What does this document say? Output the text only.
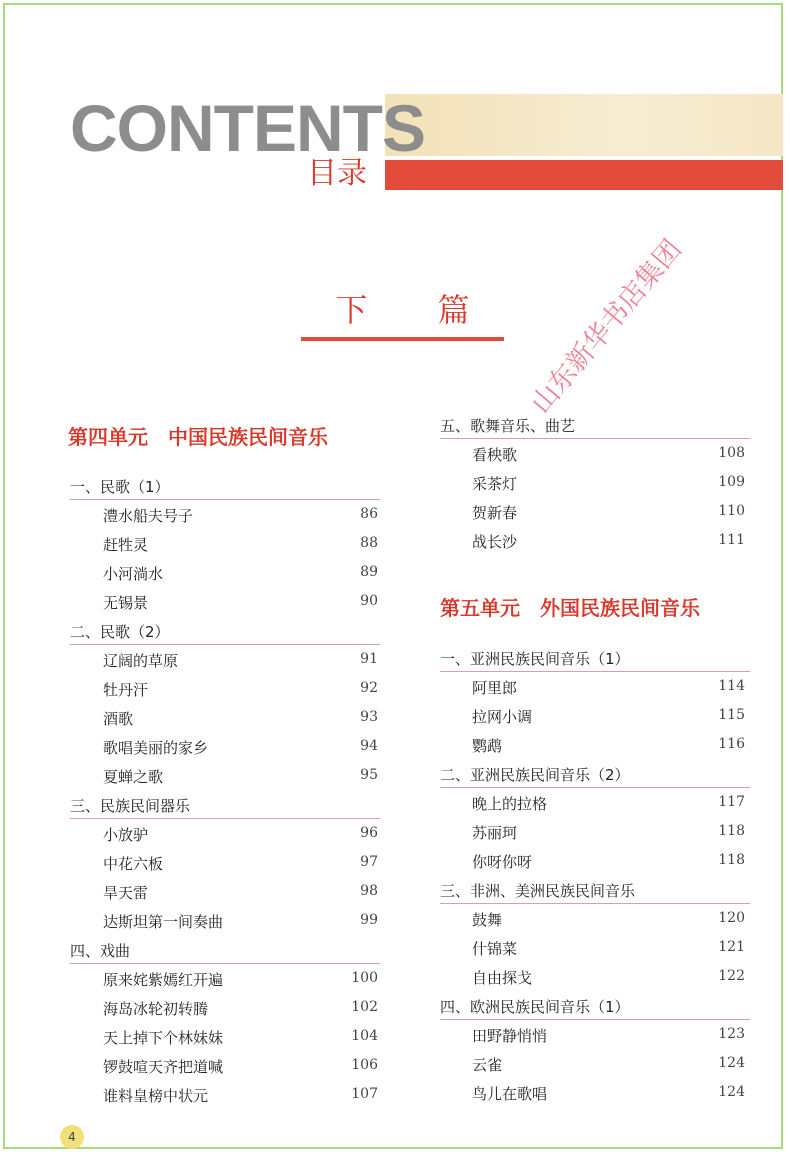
CONTENTS
目录
下 篇
第四单元　中国民族民间音乐
一、民歌（1）
澧水船夫号子	86
赶牲灵	88
小河淌水	89
无锡景	90
二、民歌（2）
辽阔的草原	91
牡丹汗	92
酒歌	93
歌唱美丽的家乡	94
夏蝉之歌	95
三、民族民间器乐
小放驴	96
中花六板	97
旱天雷	98
达斯坦第一间奏曲	99
四、戏曲
原来姹紫嫣红开遍	100
海岛冰轮初转腾	102
天上掉下个林妹妹	104
锣鼓喧天齐把道喊	106
谁料皇榜中状元	107
五、歌舞音乐、曲艺
看秧歌	108
采茶灯	109
贺新春	110
战长沙	111
第五单元　外国民族民间音乐
一、亚洲民族民间音乐（1）
阿里郎	114
拉网小调	115
鹦鹉	116
二、亚洲民族民间音乐（2）
晚上的拉格	117
苏丽珂	118
你呀你呀	118
三、非洲、美洲民族民间音乐
鼓舞	120
什锦菜	121
自由探戈	122
四、欧洲民族民间音乐（1）
田野静悄悄	123
云雀	124
鸟儿在歌唱	124
山东新华书店集团
4
